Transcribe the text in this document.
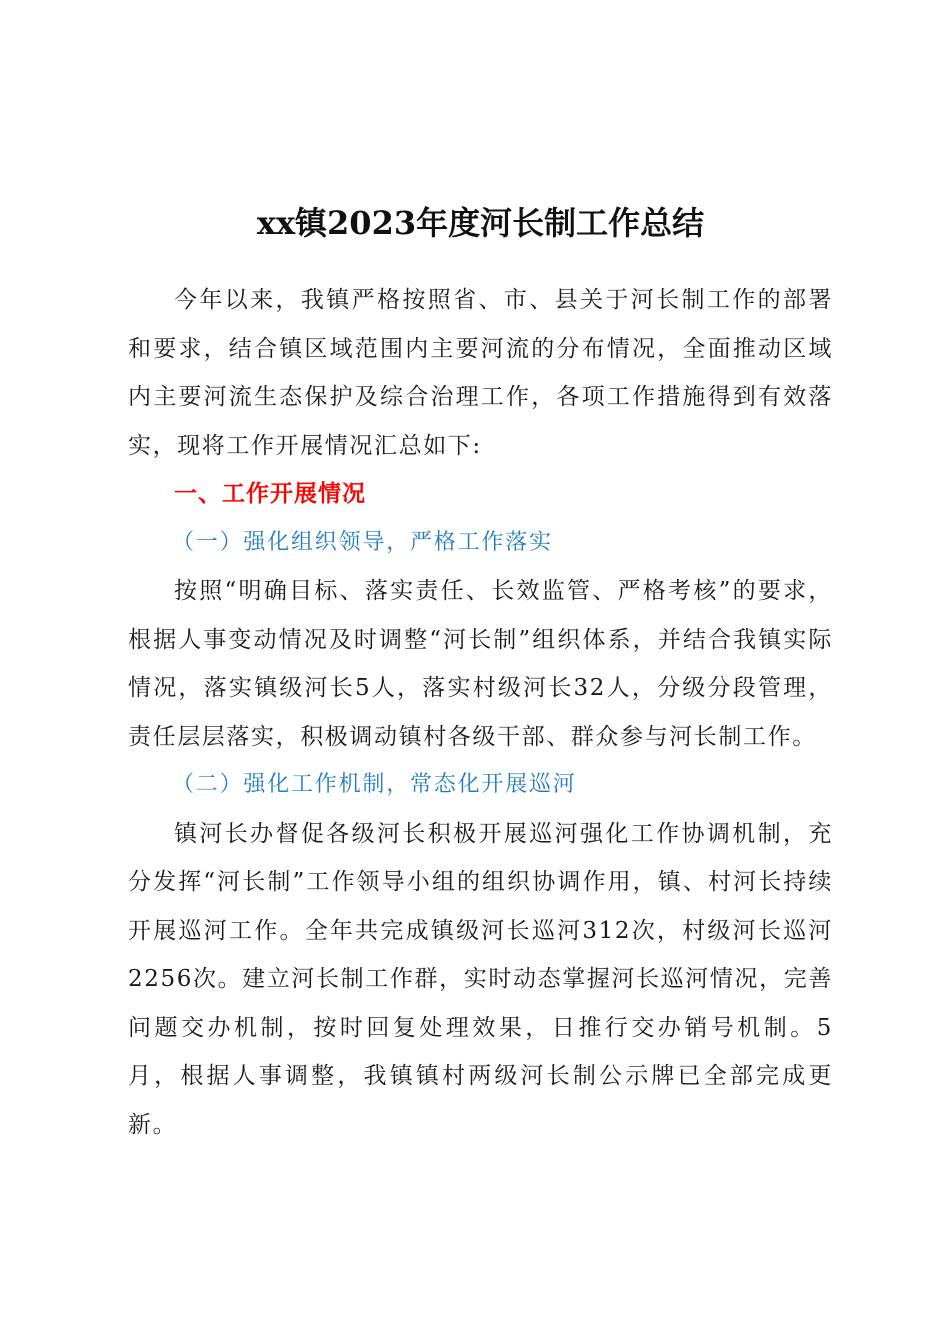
xx镇2023年度河长制工作总结

今年以来，我镇严格按照省、市、县关于河长制工作的部署和要求，结合镇区域范围内主要河流的分布情况，全面推动区域内主要河流生态保护及综合治理工作，各项工作措施得到有效落实，现将工作开展情况汇总如下:

一、工作开展情况

（一）强化组织领导，严格工作落实

按照“明确目标、落实责任、长效监管、严格考核”的要求，根据人事变动情况及时调整“河长制”组织体系，并结合我镇实际情况，落实镇级河长5人，落实村级河长32人，分级分段管理，责任层层落实，积极调动镇村各级干部、群众参与河长制工作。

（二）强化工作机制，常态化开展巡河

镇河长办督促各级河长积极开展巡河强化工作协调机制，充分发挥“河长制”工作领导小组的组织协调作用，镇、村河长持续开展巡河工作。全年共完成镇级河长巡河312次，村级河长巡河2256次。建立河长制工作群，实时动态掌握河长巡河情况，完善问题交办机制，按时回复处理效果，日推行交办销号机制。5月，根据人事调整，我镇镇村两级河长制公示牌已全部完成更新。
